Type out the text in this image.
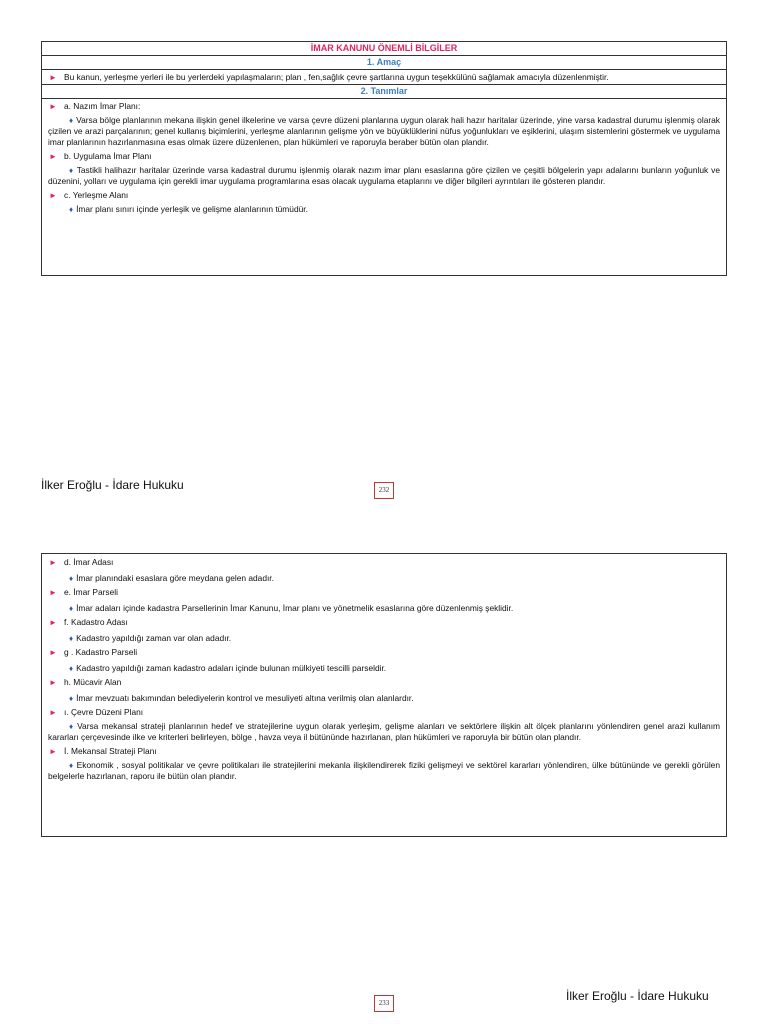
İMAR KANUNU ÖNEMLİ BİLGİLER
1. Amaç
► Bu kanun, yerleşme yerleri ile bu yerlerdeki yapılaşmaların; plan , fen,sağlık çevre şartlarına uygun teşekkülünü sağlamak amacıyla düzenlenmiştir.
2. Tanımlar
► a. Nazım İmar Planı:
♦ Varsa bölge planlarının mekana ilişkin genel ilkelerine ve varsa çevre düzeni planlarına uygun olarak hali hazır haritalar üzerinde, yine varsa kadastral durumu işlenmiş olarak çizilen ve arazi parçalarının; genel kullanış biçimlerini, yerleşme alanlarının gelişme yön ve büyüklüklerini nüfus yoğunlukları ve eşiklerini, ulaşım sistemlerini göstermek ve uygulama imar planlarının hazırlanmasına esas olmak üzere düzenlenen, plan hükümleri ve raporuyla beraber bütün olan plandır.
► b. Uygulama İmar Planı
♦ Tastikli halihazır haritalar üzerinde varsa kadastral durumu işlenmiş olarak nazım imar planı esaslarına göre çizilen ve çeşitli bölgelerin yapı adalarını bunların yoğunluk ve düzenini, yolları ve uygulama için gerekli imar uygulama programlarına esas olacak uygulama etaplarını ve diğer bilgileri ayrıntıları ile gösteren plandır.
► c. Yerleşme Alanı
♦ İmar planı sınırı içinde yerleşik ve gelişme alanlarının tümüdür.
İlker Eroğlu - İdare Hukuku	232
► d. İmar Adası
♦ İmar planındaki esaslara göre meydana gelen adadır.
► e. İmar Parseli
♦ İmar adaları içinde kadastra Parsellerinin İmar Kanunu, İmar planı ve yönetmelik esaslarına göre düzenlenmiş şeklidir.
► f. Kadastro Adası
♦ Kadastro yapıldığı zaman var olan adadır.
► g . Kadastro Parseli
♦ Kadastro yapıldığı zaman kadastro adaları içinde bulunan mülkiyeti tescilli parseldir.
► h. Mücavir Alan
♦ İmar mevzuatı bakımından belediyelerin kontrol ve mesuliyeti altına verilmiş olan alanlardır.
► ı. Çevre Düzeni Planı
♦ Varsa mekansal strateji planlarının hedef ve stratejilerine uygun olarak yerleşim, gelişme alanları ve sektörlere ilişkin alt ölçek planlarını yönlendiren genel arazi kullanım kararları çerçevesinde ilke ve kriterleri belirleyen, bölge , havza veya il bütününde hazırlanan, plan hükümleri ve raporuyla bir bütün olan plandır.
► İ. Mekansal Strateji Planı
♦ Ekonomik , sosyal politikalar ve çevre politikaları ile stratejilerini mekanla ilişkilendirerek fiziki gelişmeyi ve sektörel kararları yönlendiren, ülke bütününde ve gerekli görülen belgelerle hazırlanan, raporu ile bütün olan plandır.
233	İlker Eroğlu - İdare Hukuku
